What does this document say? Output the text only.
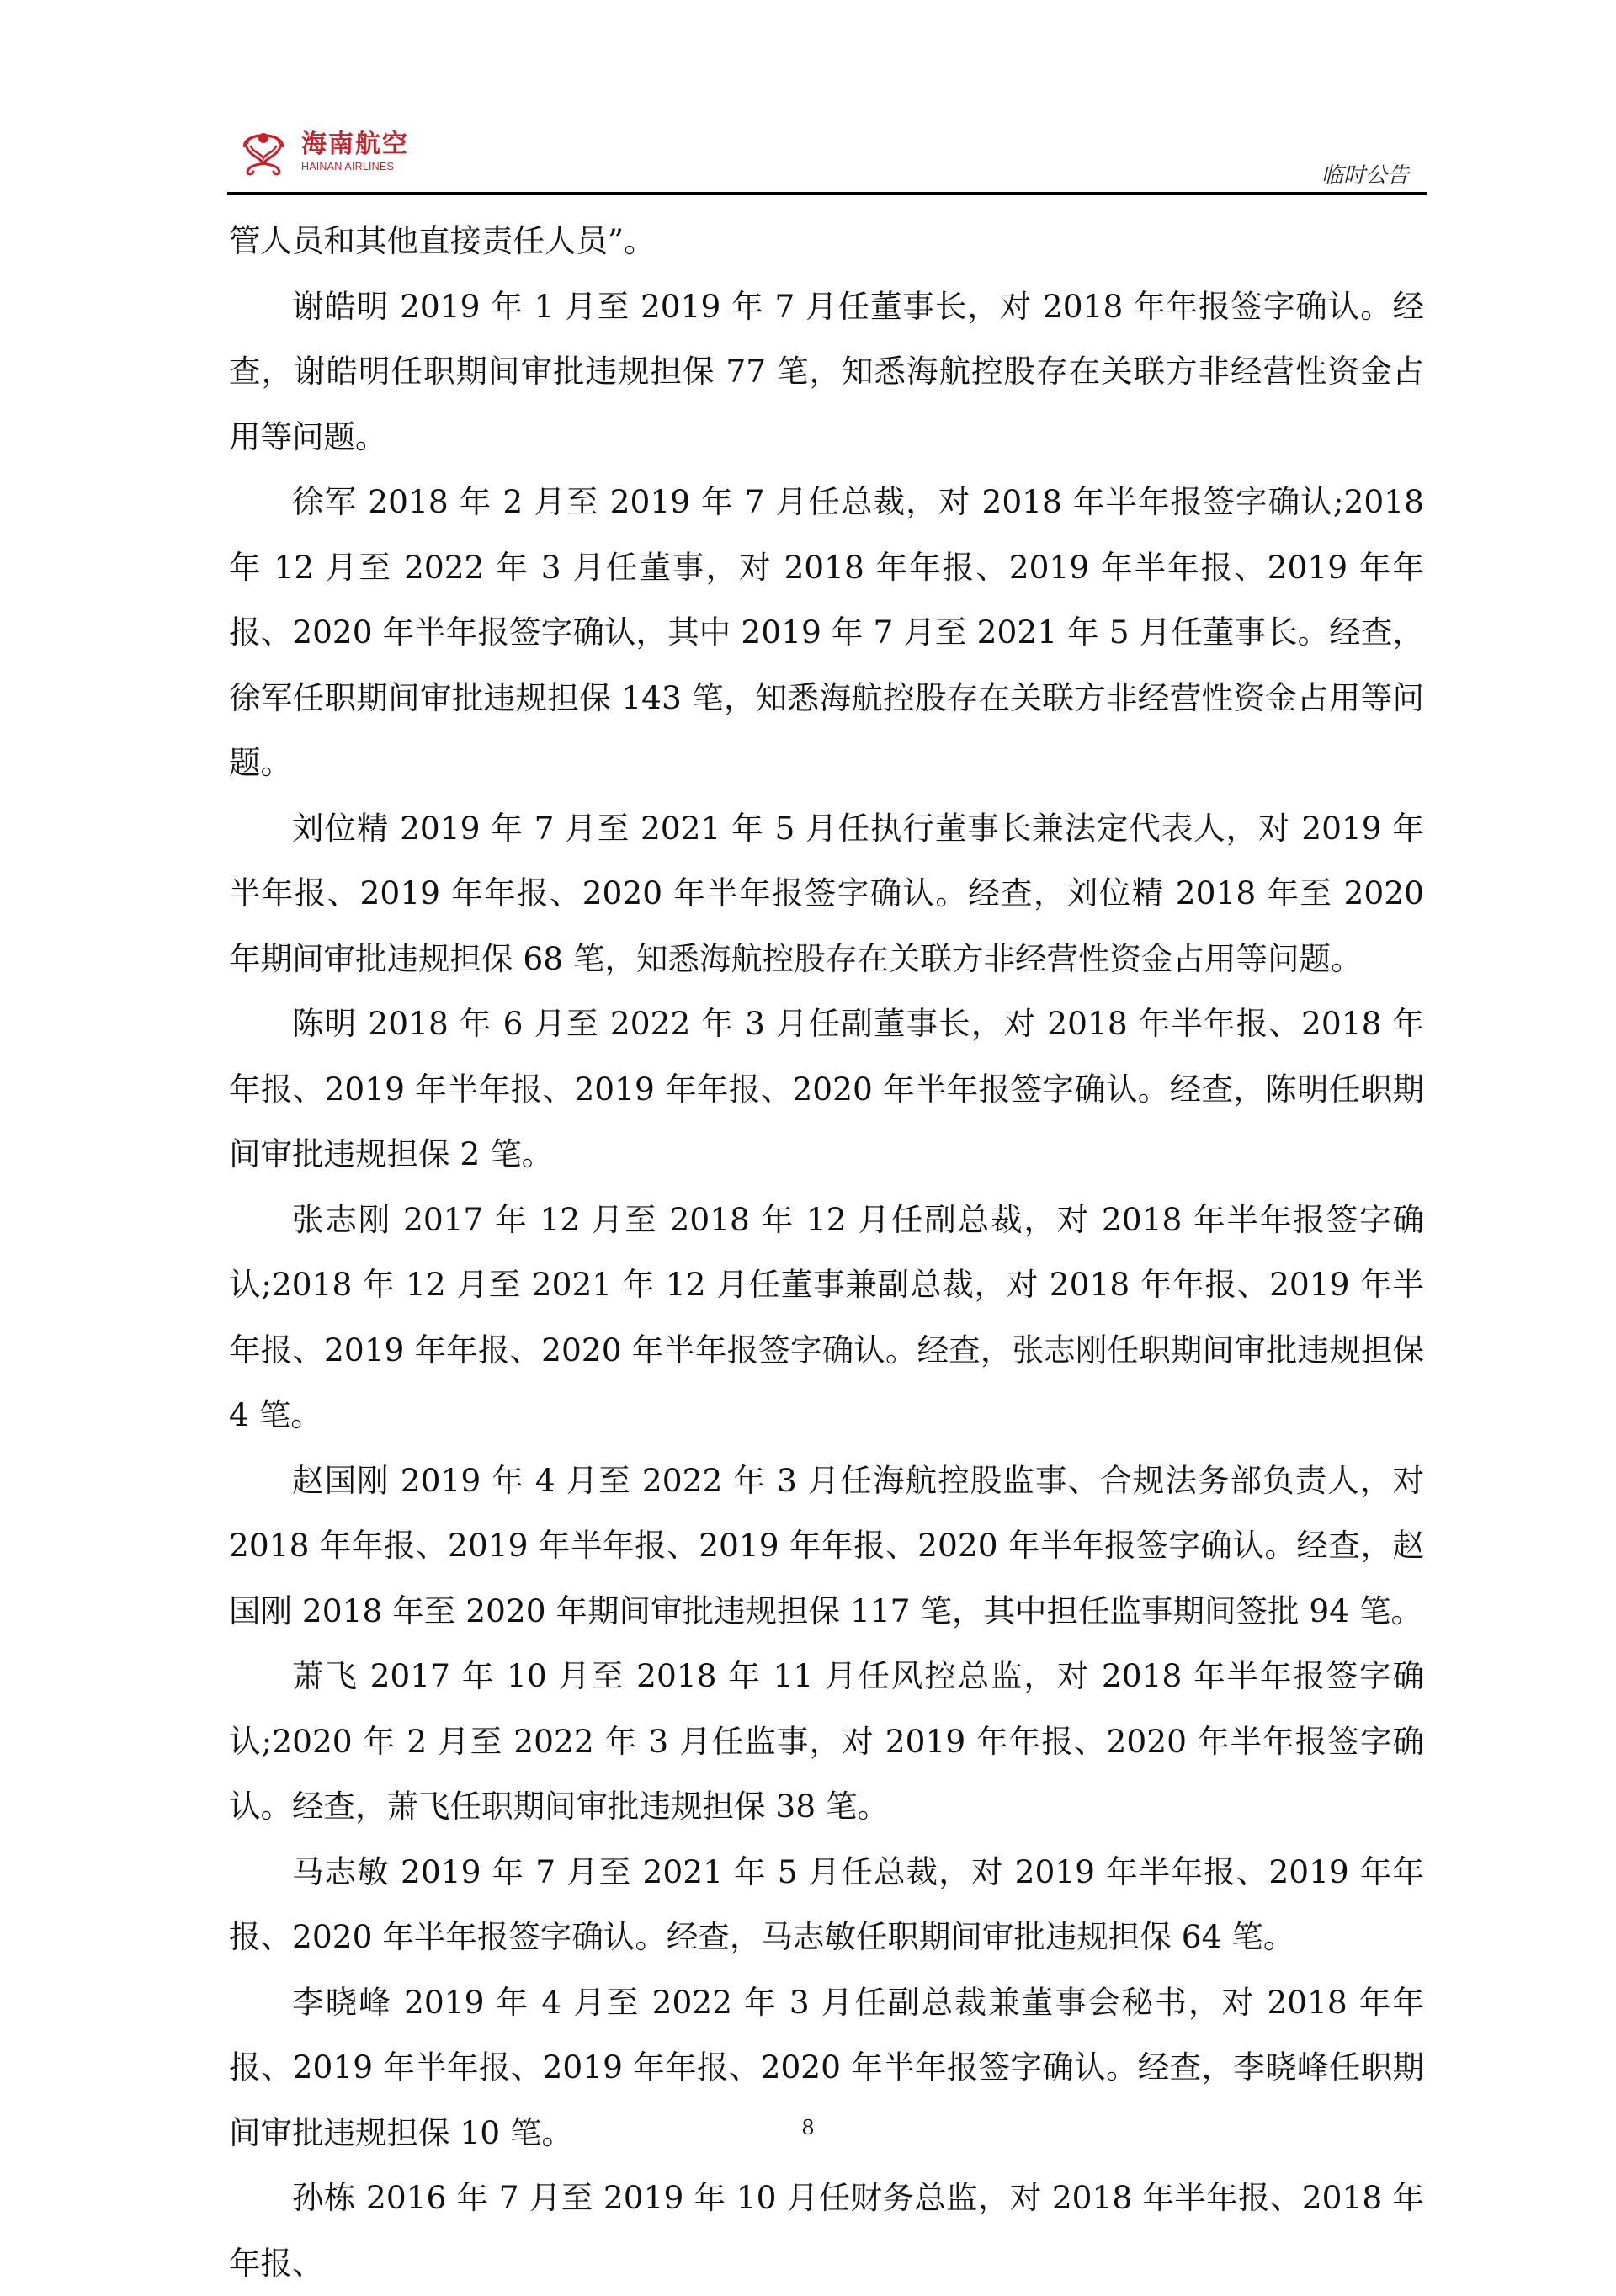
海南航空
HAINAN AIRLINES	临时公告

管人员和其他直接责任人员”。

谢皓明 2019 年 1 月至 2019 年 7 月任董事长，对 2018 年年报签字确认。经查，谢皓明任职期间审批违规担保 77 笔，知悉海航控股存在关联方非经营性资金占用等问题。

徐军 2018 年 2 月至 2019 年 7 月任总裁，对 2018 年半年报签字确认;2018 年 12 月至 2022 年 3 月任董事，对 2018 年年报、2019 年半年报、2019 年年报、2020 年半年报签字确认，其中 2019 年 7 月至 2021 年 5 月任董事长。经查，徐军任职期间审批违规担保 143 笔，知悉海航控股存在关联方非经营性资金占用等问题。

刘位精 2019 年 7 月至 2021 年 5 月任执行董事长兼法定代表人，对 2019 年半年报、2019 年年报、2020 年半年报签字确认。经查，刘位精 2018 年至 2020 年期间审批违规担保 68 笔，知悉海航控股存在关联方非经营性资金占用等问题。

陈明 2018 年 6 月至 2022 年 3 月任副董事长，对 2018 年半年报、2018 年年报、2019 年半年报、2019 年年报、2020 年半年报签字确认。经查，陈明任职期间审批违规担保 2 笔。

张志刚 2017 年 12 月至 2018 年 12 月任副总裁，对 2018 年半年报签字确认;2018 年 12 月至 2021 年 12 月任董事兼副总裁，对 2018 年年报、2019 年半年报、2019 年年报、2020 年半年报签字确认。经查，张志刚任职期间审批违规担保 4 笔。

赵国刚 2019 年 4 月至 2022 年 3 月任海航控股监事、合规法务部负责人，对 2018 年年报、2019 年半年报、2019 年年报、2020 年半年报签字确认。经查，赵国刚 2018 年至 2020 年期间审批违规担保 117 笔，其中担任监事期间签批 94 笔。

萧飞 2017 年 10 月至 2018 年 11 月任风控总监，对 2018 年半年报签字确认;2020 年 2 月至 2022 年 3 月任监事，对 2019 年年报、2020 年半年报签字确认。经查，萧飞任职期间审批违规担保 38 笔。

马志敏 2019 年 7 月至 2021 年 5 月任总裁，对 2019 年半年报、2019 年年报、2020 年半年报签字确认。经查，马志敏任职期间审批违规担保 64 笔。

李晓峰 2019 年 4 月至 2022 年 3 月任副总裁兼董事会秘书，对 2018 年年报、2019 年半年报、2019 年年报、2020 年半年报签字确认。经查，李晓峰任职期间审批违规担保 10 笔。

孙栋 2016 年 7 月至 2019 年 10 月任财务总监，对 2018 年半年报、2018 年年报、

8
